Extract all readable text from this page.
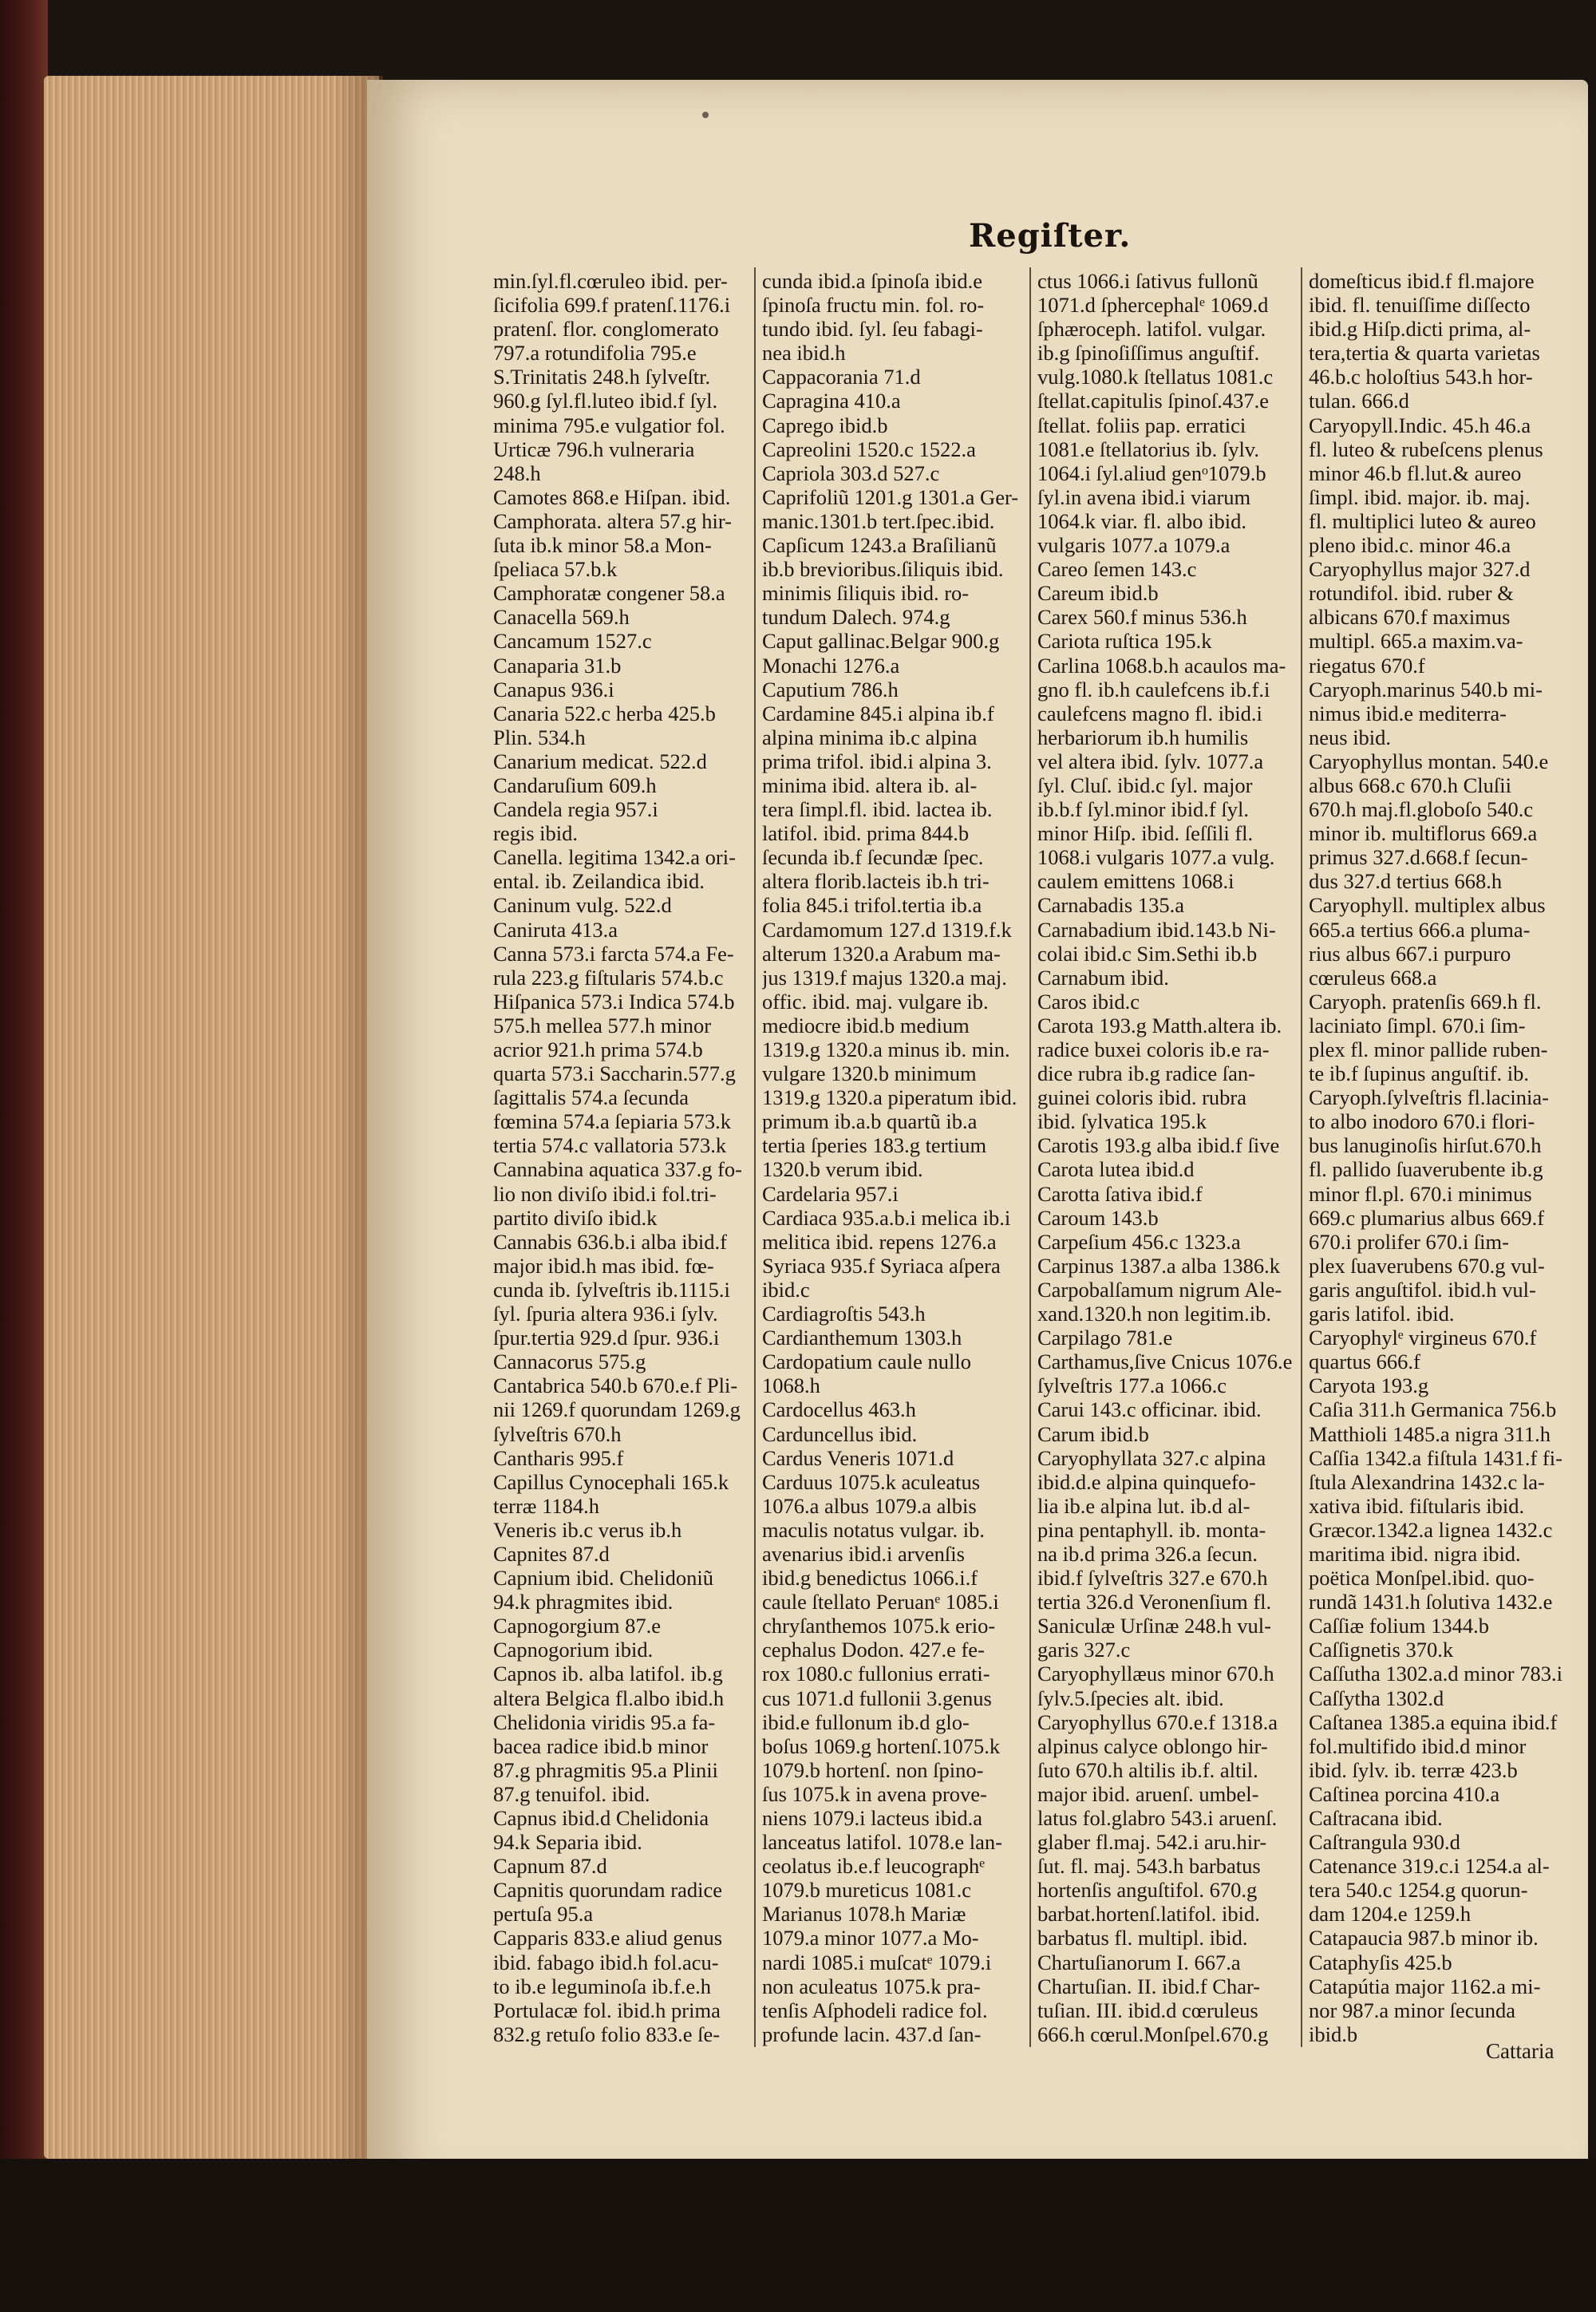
Regiſter.
min.ſyl.fl.cœruleo ibid. per-
ſicifolia 699.f pratenſ.1176.i
pratenſ. flor. conglomerato
797.a rotundifolia 795.e
S.Trinitatis 248.h ſylveſtr.
960.g ſyl.fl.luteo ibid.f ſyl.
minima 795.e vulgatior fol.
Urticæ 796.h vulneraria
248.h
Camotes 868.e Hiſpan. ibid.
Camphorata. altera 57.g hir-
ſuta ib.k minor 58.a Mon-
ſpeliaca 57.b.k
Camphoratæ congener 58.a
Canacella 569.h
Cancamum 1527.c
Canaparia 31.b
Canapus 936.i
Canaria 522.c herba 425.b
Plin. 534.h
Canarium medicat. 522.d
Candaruſium 609.h
Candela regia 957.i
regis ibid.
Canella. legitima 1342.a ori-
ental. ib. Zeilandica ibid.
Caninum vulg. 522.d
Caniruta 413.a
Canna 573.i farcta 574.a Fe-
rula 223.g fiſtularis 574.b.c
Hiſpanica 573.i Indica 574.b
575.h mellea 577.h minor
acrior 921.h prima 574.b
quarta 573.i Saccharin.577.g
ſagittalis 574.a ſecunda
fœmina 574.a ſepiaria 573.k
tertia 574.c vallatoria 573.k
Cannabina aquatica 337.g fo-
lio non diviſo ibid.i fol.tri-
partito diviſo ibid.k
Cannabis 636.b.i alba ibid.f
major ibid.h mas ibid. fœ-
cunda ib. ſylveſtris ib.1115.i
ſyl. ſpuria altera 936.i ſylv.
ſpur.tertia 929.d ſpur. 936.i
Cannacorus 575.g
Cantabrica 540.b 670.e.f Pli-
nii 1269.f quorundam 1269.g
ſylveſtris 670.h
Cantharis 995.f
Capillus Cynocephali 165.k
terræ 1184.h
Veneris ib.c verus ib.h
Capnites 87.d
Capnium ibid. Chelidoniũ
94.k phragmites ibid.
Capnogorgium 87.e
Capnogorium ibid.
Capnos ib. alba latifol. ib.g
altera Belgica fl.albo ibid.h
Chelidonia viridis 95.a fa-
bacea radice ibid.b minor
87.g phragmitis 95.a Plinii
87.g tenuifol. ibid.
Capnus ibid.d Chelidonia
94.k Separia ibid.
Capnum 87.d
Capnitis quorundam radice
pertuſa 95.a
Capparis 833.e aliud genus
ibid. fabago ibid.h fol.acu-
to ib.e leguminoſa ib.f.e.h
Portulacæ fol. ibid.h prima
832.g retuſo folio 833.e ſe-
cunda ibid.a ſpinoſa ibid.e
ſpinoſa fructu min. fol. ro-
tundo ibid. ſyl. ſeu fabagi-
nea ibid.h
Cappacorania 71.d
Capragina 410.a
Caprego ibid.b
Capreolini 1520.c 1522.a
Capriola 303.d 527.c
Caprifoliũ 1201.g 1301.a Ger-
manic.1301.b tert.ſpec.ibid.
Capſicum 1243.a Braſilianũ
ib.b brevioribus.ſiliquis ibid.
minimis ſiliquis ibid. ro-
tundum Dalech. 974.g
Caput gallinac.Belgar 900.g
Monachi 1276.a
Caputium 786.h
Cardamine 845.i alpina ib.f
alpina minima ib.c alpina
prima trifol. ibid.i alpina 3.
minima ibid. altera ib. al-
tera ſimpl.fl. ibid. lactea ib.
latifol. ibid. prima 844.b
ſecunda ib.f ſecundæ ſpec.
altera florib.lacteis ib.h tri-
folia 845.i trifol.tertia ib.a
Cardamomum 127.d 1319.f.k
alterum 1320.a Arabum ma-
jus 1319.f majus 1320.a maj.
offic. ibid. maj. vulgare ib.
mediocre ibid.b medium
1319.g 1320.a minus ib. min.
vulgare 1320.b minimum
1319.g 1320.a piperatum ibid.
primum ib.a.b quartũ ib.a
tertia ſperies 183.g tertium
1320.b verum ibid.
Cardelaria 957.i
Cardiaca 935.a.b.i melica ib.i
melitica ibid. repens 1276.a
Syriaca 935.f Syriaca aſpera
ibid.c
Cardiagroſtis 543.h
Cardianthemum 1303.h
Cardopatium caule nullo
1068.h
Cardocellus 463.h
Carduncellus ibid.
Cardus Veneris 1071.d
Carduus 1075.k aculeatus
1076.a albus 1079.a albis
maculis notatus vulgar. ib.
avenarius ibid.i arvenſis
ibid.g benedictus 1066.i.f
caule ſtellato Peruanᵉ 1085.i
chryſanthemos 1075.k erio-
cephalus Dodon. 427.e fe-
rox 1080.c fullonius errati-
cus 1071.d fullonii 3.genus
ibid.e fullonum ib.d glo-
boſus 1069.g hortenſ.1075.k
1079.b hortenſ. non ſpino-
ſus 1075.k in avena prove-
niens 1079.i lacteus ibid.a
lanceatus latifol. 1078.e lan-
ceolatus ib.e.f leucographᵉ
1079.b mureticus 1081.c
Marianus 1078.h Mariæ
1079.a minor 1077.a Mo-
nardi 1085.i muſcatᵉ 1079.i
non aculeatus 1075.k pra-
tenſis Aſphodeli radice fol.
profunde lacin. 437.d ſan-
ctus 1066.i ſativus fullonũ
1071.d ſphercephalᵉ 1069.d
ſphæroceph. latifol. vulgar.
ib.g ſpinoſiſſimus anguſtif.
vulg.1080.k ſtellatus 1081.c
ſtellat.capitulis ſpinoſ.437.e
ſtellat. foliis pap. erratici
1081.e ſtellatorius ib. ſylv.
1064.i ſyl.aliud genᵒ1079.b
ſyl.in avena ibid.i viarum
1064.k viar. fl. albo ibid.
vulgaris 1077.a 1079.a
Careo ſemen 143.c
Careum ibid.b
Carex 560.f minus 536.h
Cariota ruſtica 195.k
Carlina 1068.b.h acaulos ma-
gno fl. ib.h caulefcens ib.f.i
caulefcens magno fl. ibid.i
herbariorum ib.h humilis
vel altera ibid. ſylv. 1077.a
ſyl. Cluſ. ibid.c ſyl. major
ib.b.f ſyl.minor ibid.f ſyl.
minor Hiſp. ibid. ſeſſili fl.
1068.i vulgaris 1077.a vulg.
caulem emittens 1068.i
Carnabadis 135.a
Carnabadium ibid.143.b Ni-
colai ibid.c Sim.Sethi ib.b
Carnabum ibid.
Caros ibid.c
Carota 193.g Matth.altera ib.
radice buxei coloris ib.e ra-
dice rubra ib.g radice ſan-
guinei coloris ibid. rubra
ibid. ſylvatica 195.k
Carotis 193.g alba ibid.f ſive
Carota lutea ibid.d
Carotta ſativa ibid.f
Caroum 143.b
Carpeſium 456.c 1323.a
Carpinus 1387.a alba 1386.k
Carpobalſamum nigrum Ale-
xand.1320.h non legitim.ib.
Carpilago 781.e
Carthamus,ſive Cnicus 1076.e
ſylveſtris 177.a 1066.c
Carui 143.c officinar. ibid.
Carum ibid.b
Caryophyllata 327.c alpina
ibid.d.e alpina quinquefo-
lia ib.e alpina lut. ib.d al-
pina pentaphyll. ib. monta-
na ib.d prima 326.a ſecun.
ibid.f ſylveſtris 327.e 670.h
tertia 326.d Veronenſium fl.
Saniculæ Urſinæ 248.h vul-
garis 327.c
Caryophyllæus minor 670.h
ſylv.5.ſpecies alt. ibid.
Caryophyllus 670.e.f 1318.a
alpinus calyce oblongo hir-
ſuto 670.h altilis ib.f. altil.
major ibid. aruenſ. umbel-
latus fol.glabro 543.i aruenſ.
glaber fl.maj. 542.i aru.hir-
ſut. fl. maj. 543.h barbatus
hortenſis anguſtifol. 670.g
barbat.hortenſ.latifol. ibid.
barbatus fl. multipl. ibid.
Chartuſianorum I. 667.a
Chartuſian. II. ibid.f Char-
tuſian. III. ibid.d cœruleus
666.h cœrul.Monſpel.670.g
domeſticus ibid.f fl.majore
ibid. fl. tenuiſſime diſſecto
ibid.g Hiſp.dicti prima, al-
tera,tertia & quarta varietas
46.b.c holoſtius 543.h hor-
tulan. 666.d
Caryopyll.Indic. 45.h 46.a
fl. luteo & rubeſcens plenus
minor 46.b fl.lut.& aureo
ſimpl. ibid. major. ib. maj.
fl. multiplici luteo & aureo
pleno ibid.c. minor 46.a
Caryophyllus major 327.d
rotundifol. ibid. ruber &
albicans 670.f maximus
multipl. 665.a maxim.va-
riegatus 670.f
Caryoph.marinus 540.b mi-
nimus ibid.e mediterra-
neus ibid.
Caryophyllus montan. 540.e
albus 668.c 670.h Cluſii
670.h maj.fl.globoſo 540.c
minor ib. multiflorus 669.a
primus 327.d.668.f ſecun-
dus 327.d tertius 668.h
Caryophyll. multiplex albus
665.a tertius 666.a pluma-
rius albus 667.i purpuro
cœruleus 668.a
Caryoph. pratenſis 669.h fl.
laciniato ſimpl. 670.i ſim-
plex fl. minor pallide ruben-
te ib.f ſupinus anguſtif. ib.
Caryoph.ſylveſtris fl.lacinia-
to albo inodoro 670.i flori-
bus lanuginoſis hirſut.670.h
fl. pallido ſuaverubente ib.g
minor fl.pl. 670.i minimus
669.c plumarius albus 669.f
670.i prolifer 670.i ſim-
plex ſuaverubens 670.g vul-
garis anguſtifol. ibid.h vul-
garis latifol. ibid.
Caryophylᵉ virgineus 670.f
quartus 666.f
Caryota 193.g
Caſia 311.h Germanica 756.b
Matthioli 1485.a nigra 311.h
Caſſia 1342.a fiſtula 1431.f fi-
ſtula Alexandrina 1432.c la-
xativa ibid. fiſtularis ibid.
Græcor.1342.a lignea 1432.c
maritima ibid. nigra ibid.
poëtica Monſpel.ibid. quo-
rundã 1431.h ſolutiva 1432.e
Caſſiæ folium 1344.b
Caſſignetis 370.k
Caſſutha 1302.a.d minor 783.i
Caſſytha 1302.d
Caſtanea 1385.a equina ibid.f
fol.multifido ibid.d minor
ibid. ſylv. ib. terræ 423.b
Caſtinea porcina 410.a
Caſtracana ibid.
Caſtrangula 930.d
Catenance 319.c.i 1254.a al-
tera 540.c 1254.g quorun-
dam 1204.e 1259.h
Catapaucia 987.b minor ib.
Cataphyſis 425.b
Catapútia major 1162.a mi-
nor 987.a minor ſecunda
ibid.b
Cattaria
